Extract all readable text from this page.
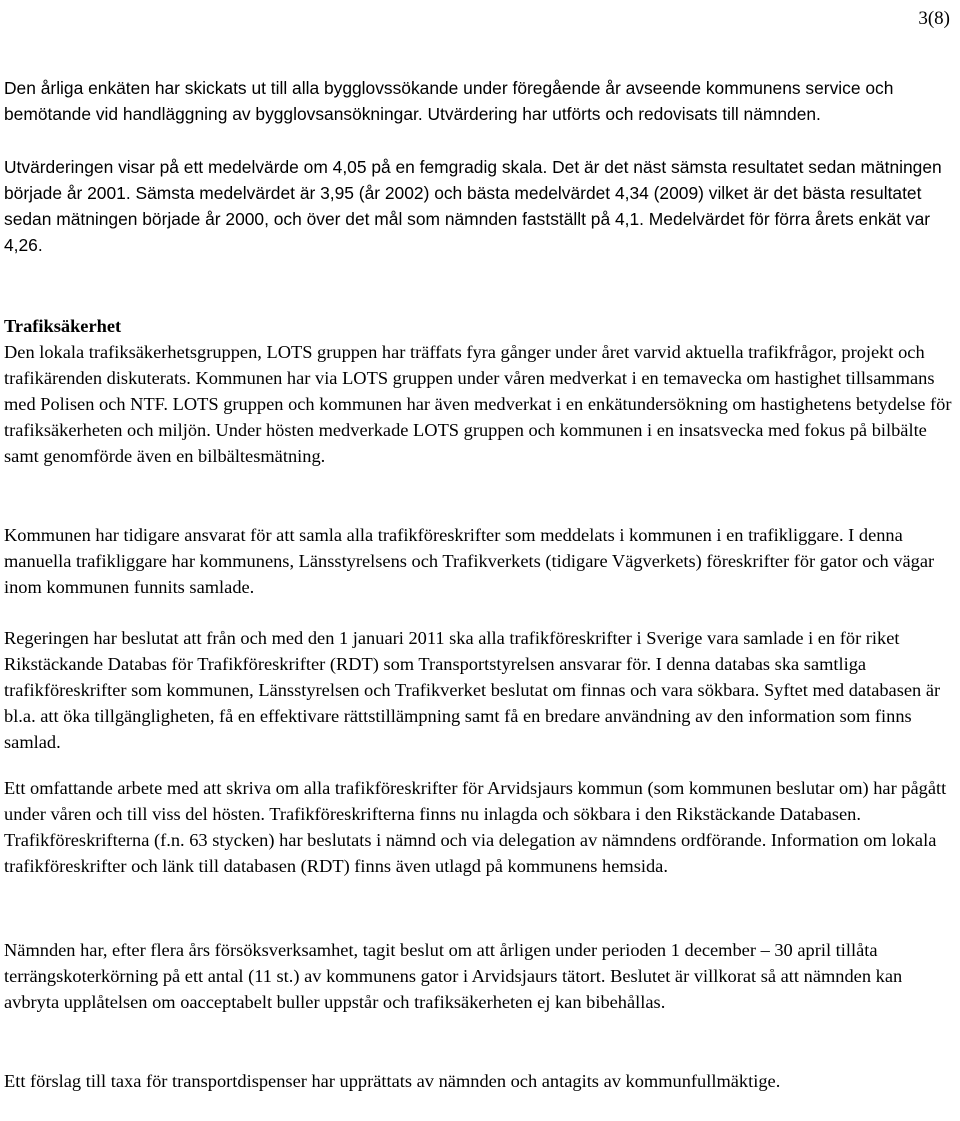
3(8)

Den årliga enkäten har skickats ut till alla bygglovssökande under föregående år avseende kommunens service och bemötande vid handläggning av bygglovsansökningar. Utvärdering har utförts och redovisats till nämnden.

Utvärderingen visar på ett medelvärde om 4,05 på en femgradig skala. Det är det näst sämsta resultatet sedan mätningen började år 2001. Sämsta medelvärdet är 3,95 (år 2002) och bästa medelvärdet 4,34 (2009) vilket är det bästa resultatet sedan mätningen började år 2000, och över det mål som nämnden fastställt på 4,1. Medelvärdet för förra årets enkät var 4,26.

Trafiksäkerhet

Den lokala trafiksäkerhetsgruppen, LOTS gruppen har träffats fyra gånger under året varvid aktuella trafikfrågor, projekt och trafikärenden diskuterats. Kommunen har via LOTS gruppen under våren medverkat i en temavecka om hastighet tillsammans med Polisen och NTF. LOTS gruppen och kommunen har även medverkat i en enkätundersökning om hastighetens betydelse för trafiksäkerheten och miljön. Under hösten medverkade LOTS gruppen och kommunen i en insatsvecka med fokus på bilbälte samt genomförde även en bilbältesmätning.

Kommunen har tidigare ansvarat för att samla alla trafikföreskrifter som meddelats i kommunen i en trafikliggare. I denna manuella trafikliggare har kommunens, Länsstyrelsens och Trafikverkets (tidigare Vägverkets) föreskrifter för gator och vägar inom kommunen funnits samlade.

Regeringen har beslutat att från och med den 1 januari 2011 ska alla trafikföreskrifter i Sverige vara samlade i en för riket Rikstäckande Databas för Trafikföreskrifter (RDT) som Transportstyrelsen ansvarar för. I denna databas ska samtliga trafikföreskrifter som kommunen, Länsstyrelsen och Trafikverket beslutat om finnas och vara sökbara. Syftet med databasen är bl.a. att öka tillgängligheten, få en effektivare rättstillämpning samt få en bredare användning av den information som finns samlad.

Ett omfattande arbete med att skriva om alla trafikföreskrifter för Arvidsjaurs kommun (som kommunen beslutar om) har pågått under våren och till viss del hösten. Trafikföreskrifterna finns nu inlagda och sökbara i den Rikstäckande Databasen. Trafikföreskrifterna (f.n. 63 stycken) har beslutats i nämnd och via delegation av nämndens ordförande. Information om lokala trafikföreskrifter och länk till databasen (RDT) finns även utlagd på kommunens hemsida.

Nämnden har, efter flera års försöksverksamhet, tagit beslut om att årligen under perioden 1 december – 30 april tillåta terrängskoterkörning på ett antal (11 st.) av kommunens gator i Arvidsjaurs tätort. Beslutet är villkorat så att nämnden kan avbryta upplåtelsen om oacceptabelt buller uppstår och trafiksäkerheten ej kan bibehållas.

Ett förslag till taxa för transportdispenser har upprättats av nämnden och antagits av kommunfullmäktige.
